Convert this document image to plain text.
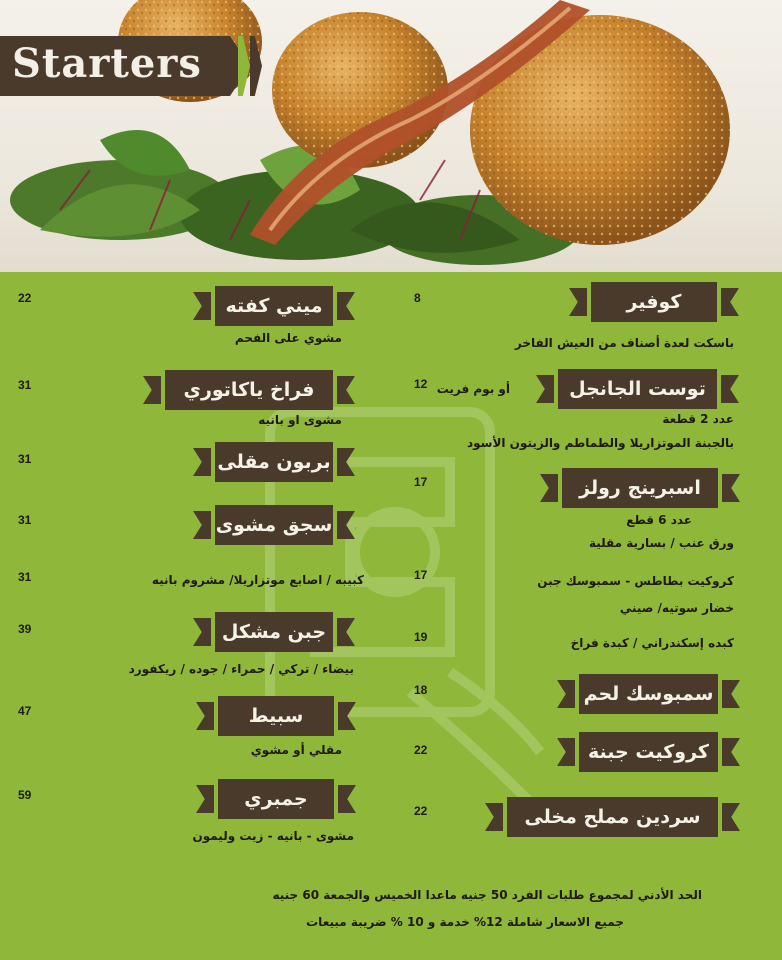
Starters
22	ميني كفته
مشوي على الفحم
31	فراخ ياكاتوري
مشوى او بانيه
31	بربون مقلى
31	سجق مشوى
31	كبيبه / اصابع موتزاريلا/ مشروم بانيه
39	جبن مشكل
بيضاء / تركي / حمراء / جوده / ريكفورد
47	سبيط
مقلي أو مشوي
59	جمبري
مشوى - بانيه - زيت وليمون
8	كوفير
باسكت لعدة أصناف من العيش الفاخر
12 أو بوم فريت	توست الجانجل
عدد 2 قطعة
بالجبنة الموتزاريلا والطماطم والزيتون الأسود
17	اسبرينج رولز
عدد 6 قطع
ورق عنب / بسارية مقلية
17	كروكيت بطاطس - سمبوسك جبن
خضار سوتيه/ صيني
19	كبده إسكندراني / كبدة فراخ
18	سمبوسك لحم
22	كروكيت جبنة
22	سردين مملح مخلى
الحد الأدني لمجموع طلبات الفرد 50 جنيه ماعدا الخميس والجمعة 60 جنيه
جميع الاسعار شاملة 12% خدمة و 10 % ضريبة مبيعات
